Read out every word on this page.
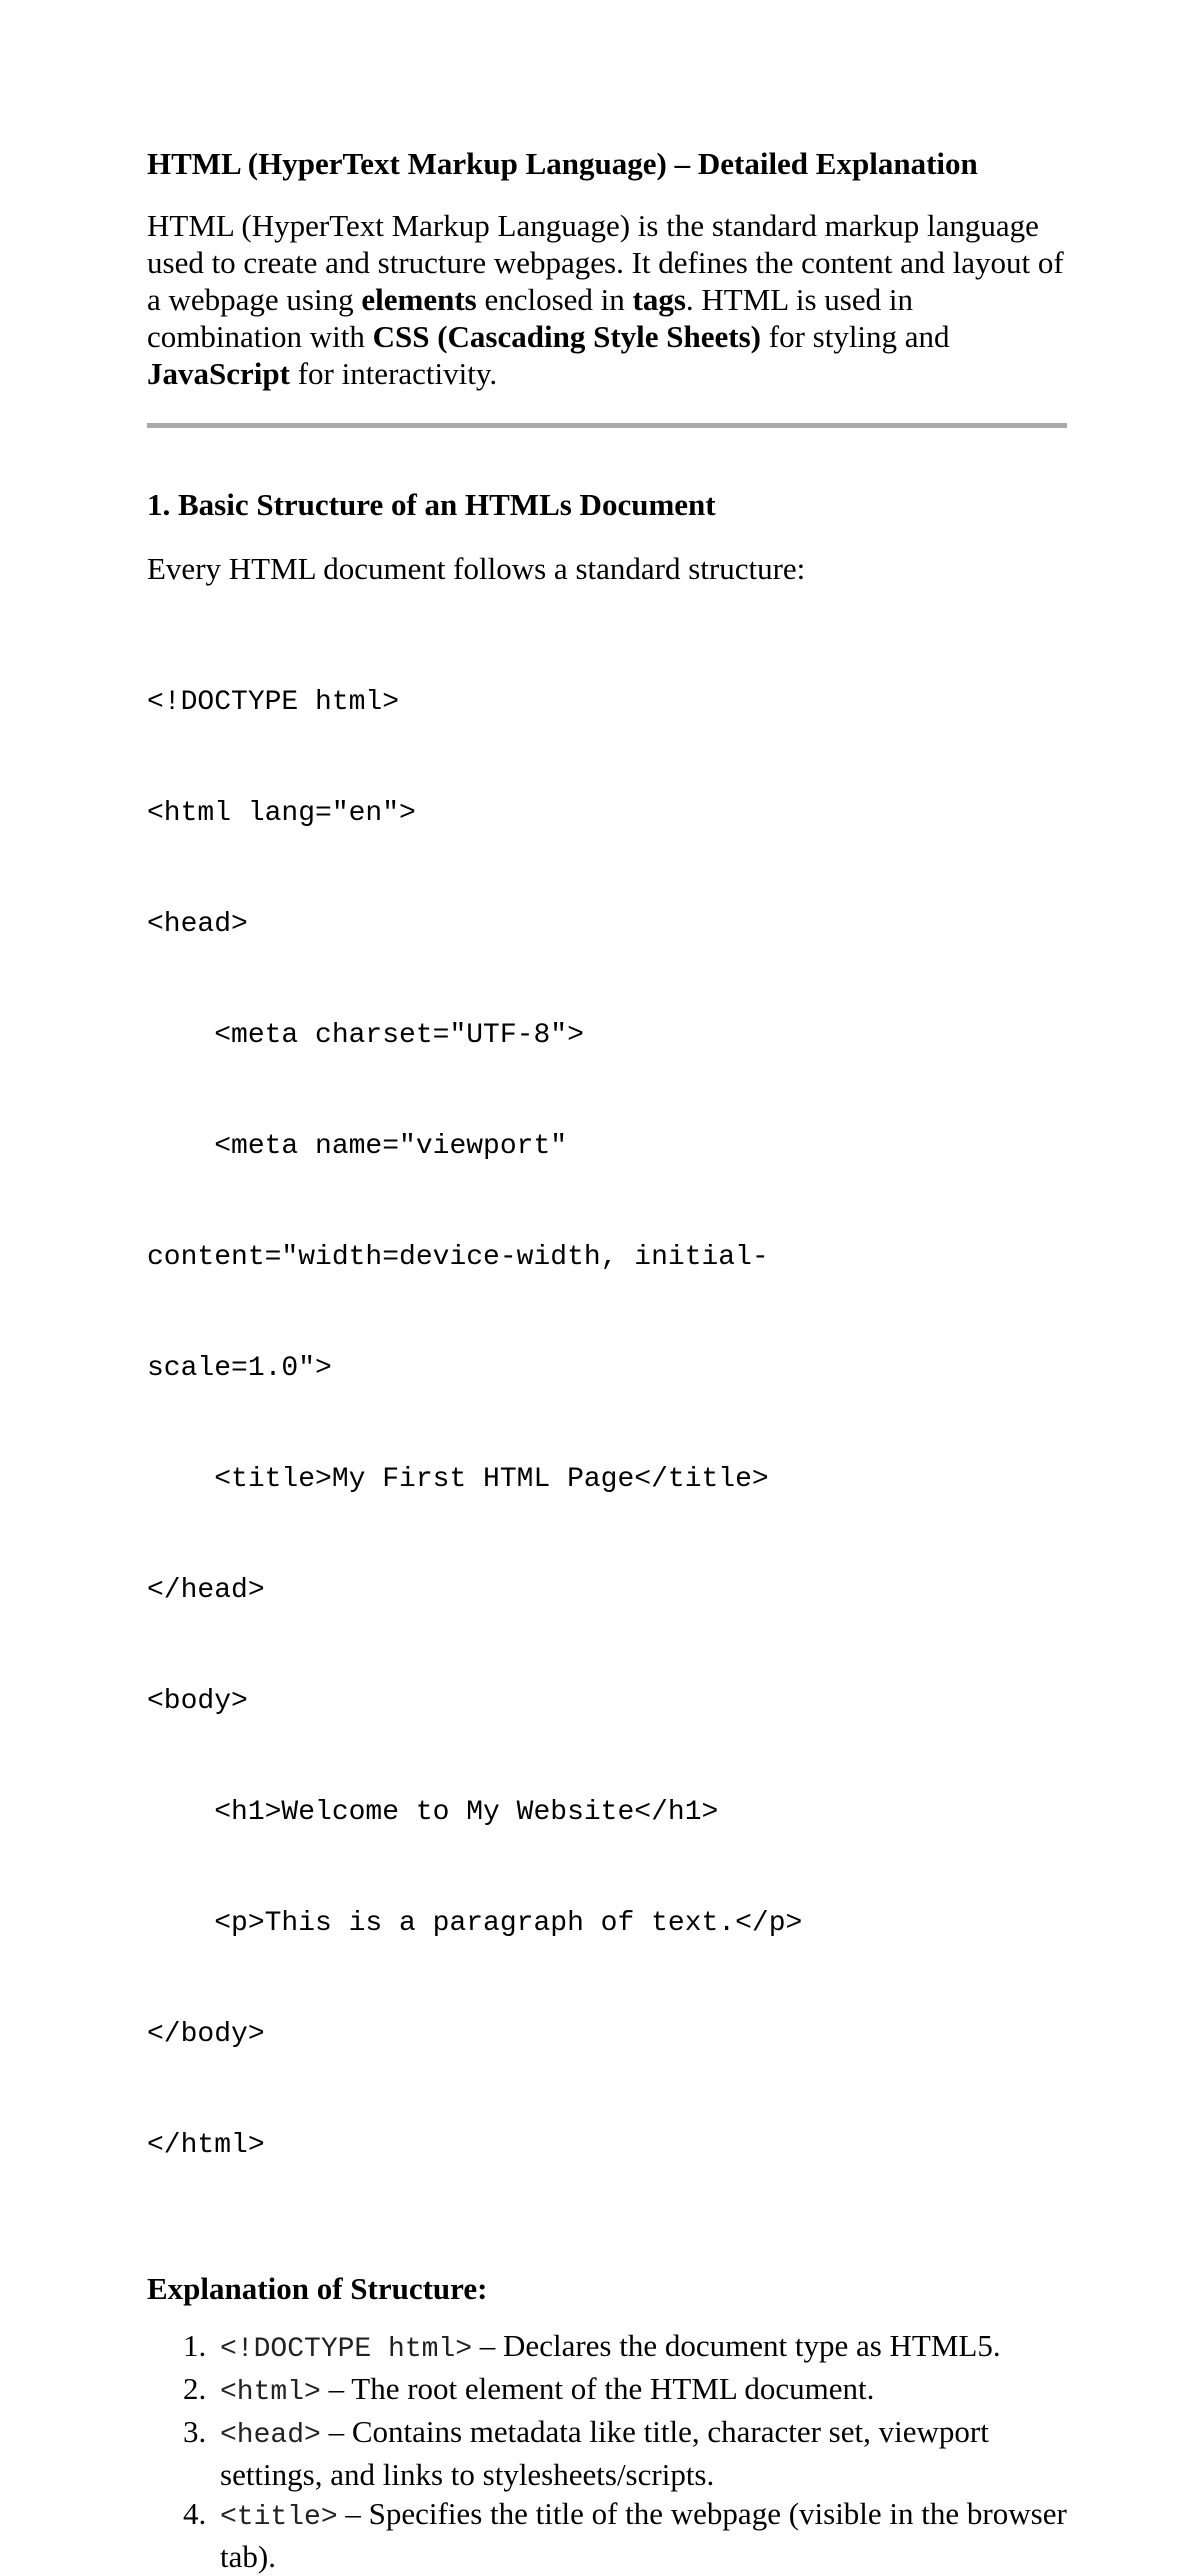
HTML (HyperText Markup Language) – Detailed Explanation

HTML (HyperText Markup Language) is the standard markup language used to create and structure webpages. It defines the content and layout of a webpage using elements enclosed in tags. HTML is used in combination with CSS (Cascading Style Sheets) for styling and JavaScript for interactivity.

1. Basic Structure of an HTMLs Document
Every HTML document follows a standard structure:

<!DOCTYPE html>

<html lang="en">

<head>

<meta charset="UTF-8">

<meta name="viewport"

content="width=device-width, initial-

scale=1.0">

<title>My First HTML Page</title>

</head>

<body>

<h1>Welcome to My Website</h1>

<p>This is a paragraph of text.</p>

</body>

</html>

Explanation of Structure:
1. <!DOCTYPE html> – Declares the document type as HTML5.
2. <html> – The root element of the HTML document.
3. <head> – Contains metadata like title, character set, viewport settings, and links to stylesheets/scripts.
4. <title> – Specifies the title of the webpage (visible in the browser tab).
